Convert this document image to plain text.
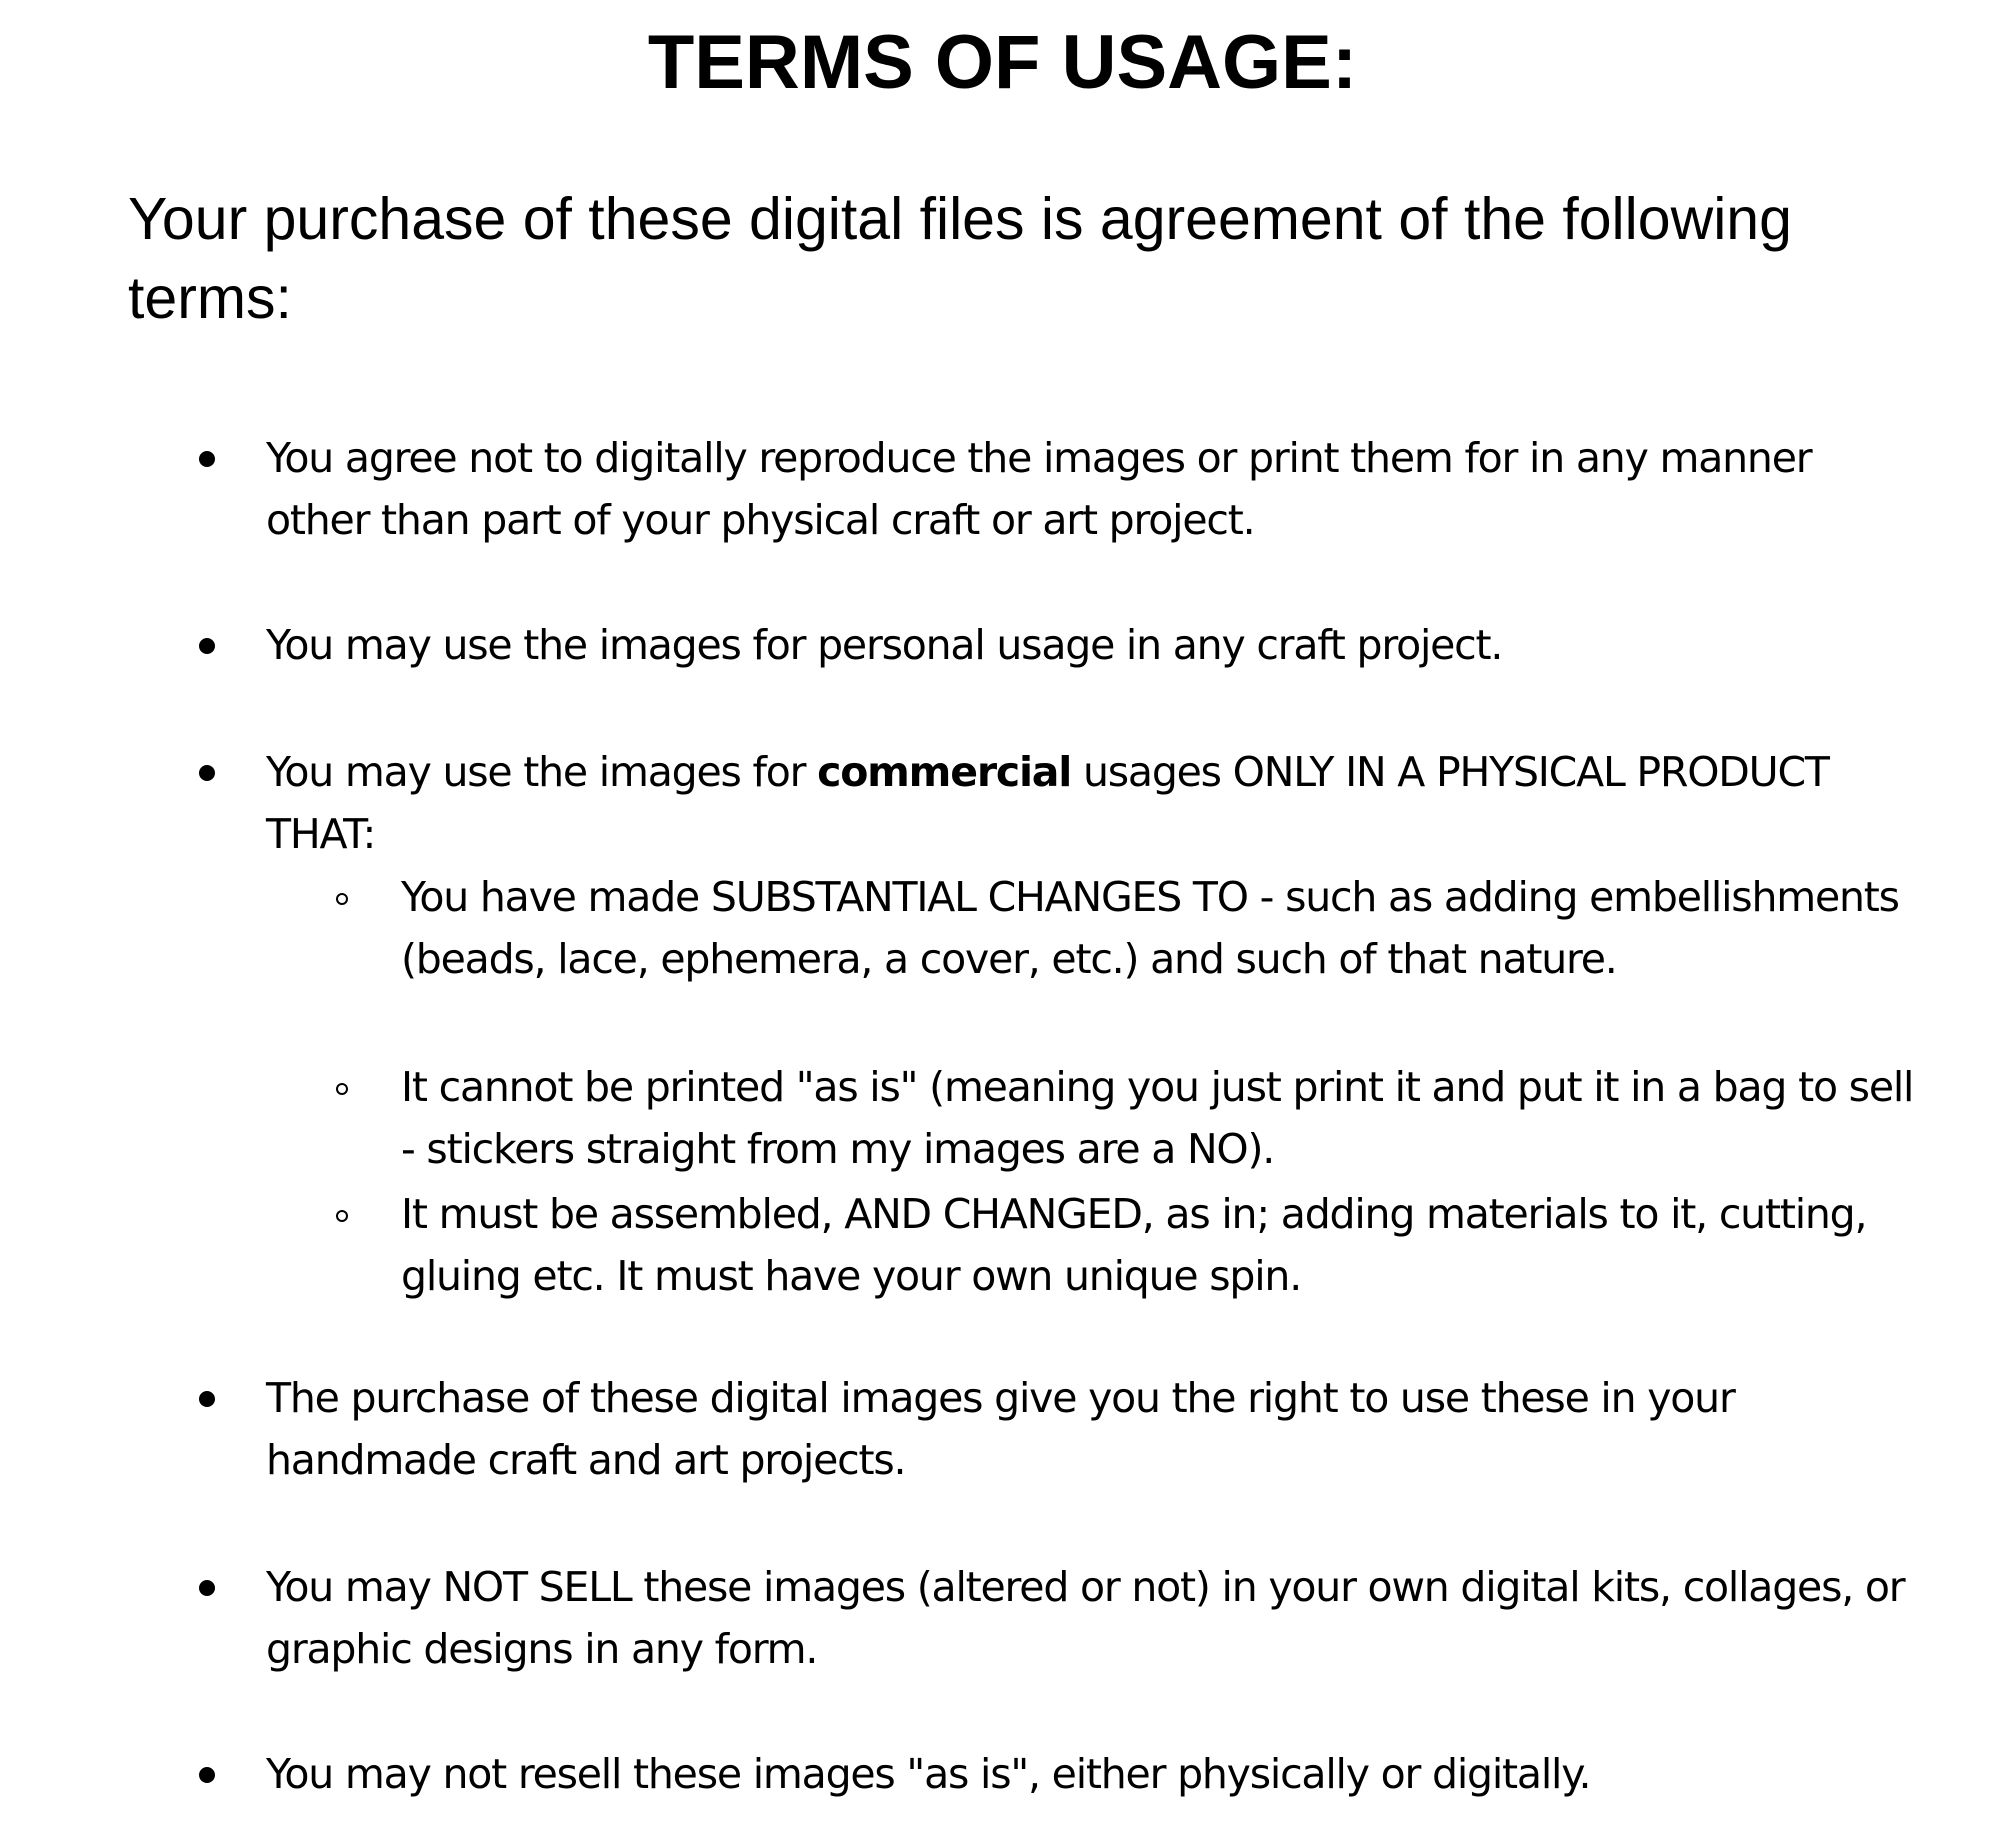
TERMS OF USAGE:

Your purchase of these digital files is agreement of the following terms:

You agree not to digitally reproduce the images or print them for in any manner other than part of your physical craft or art project.
You may use the images for personal usage in any craft project.
You may use the images for commercial usages ONLY IN A PHYSICAL PRODUCT THAT:
You have made SUBSTANTIAL CHANGES TO - such as adding embellishments (beads, lace, ephemera, a cover, etc.) and such of that nature.
It cannot be printed "as is" (meaning you just print it and put it in a bag to sell - stickers straight from my images are a NO).
It must be assembled, AND CHANGED, as in; adding materials to it, cutting, gluing etc. It must have your own unique spin.
The purchase of these digital images give you the right to use these in your handmade craft and art projects.
You may NOT SELL these images (altered or not) in your own digital kits, collages, or graphic designs in any form.
You may not resell these images "as is", either physically or digitally.
